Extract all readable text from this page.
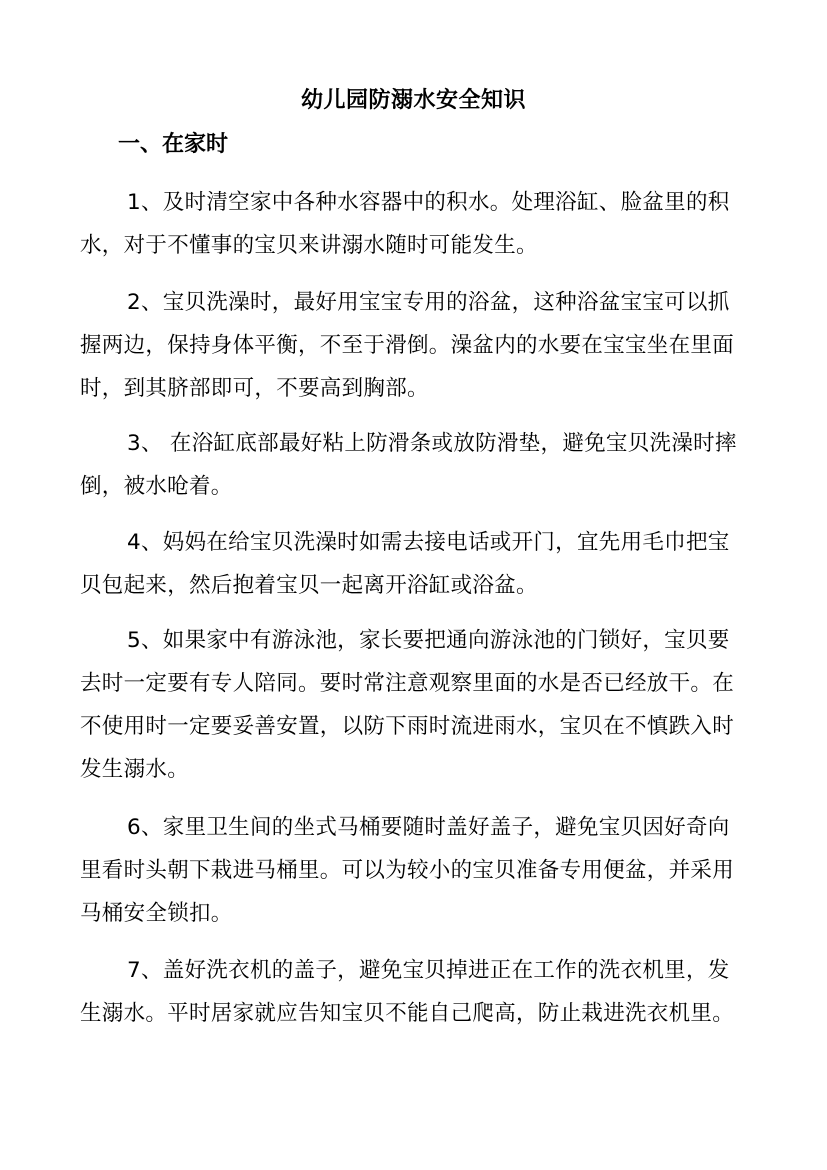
幼儿园防溺水安全知识
一、在家时

1、及时清空家中各种水容器中的积水。处理浴缸、脸盆里的积水，对于不懂事的宝贝来讲溺水随时可能发生。

2、宝贝洗澡时，最好用宝宝专用的浴盆，这种浴盆宝宝可以抓握两边，保持身体平衡，不至于滑倒。澡盆内的水要在宝宝坐在里面时，到其脐部即可，不要高到胸部。

3、 在浴缸底部最好粘上防滑条或放防滑垫，避免宝贝洗澡时摔倒，被水呛着。

4、妈妈在给宝贝洗澡时如需去接电话或开门，宜先用毛巾把宝贝包起来，然后抱着宝贝一起离开浴缸或浴盆。

5、如果家中有游泳池，家长要把通向游泳池的门锁好，宝贝要去时一定要有专人陪同。要时常注意观察里面的水是否已经放干。在不使用时一定要妥善安置，以防下雨时流进雨水，宝贝在不慎跌入时发生溺水。

6、家里卫生间的坐式马桶要随时盖好盖子，避免宝贝因好奇向里看时头朝下栽进马桶里。可以为较小的宝贝准备专用便盆，并采用马桶安全锁扣。

7、盖好洗衣机的盖子，避免宝贝掉进正在工作的洗衣机里，发生溺水。平时居家就应告知宝贝不能自己爬高，防止栽进洗衣机里。
